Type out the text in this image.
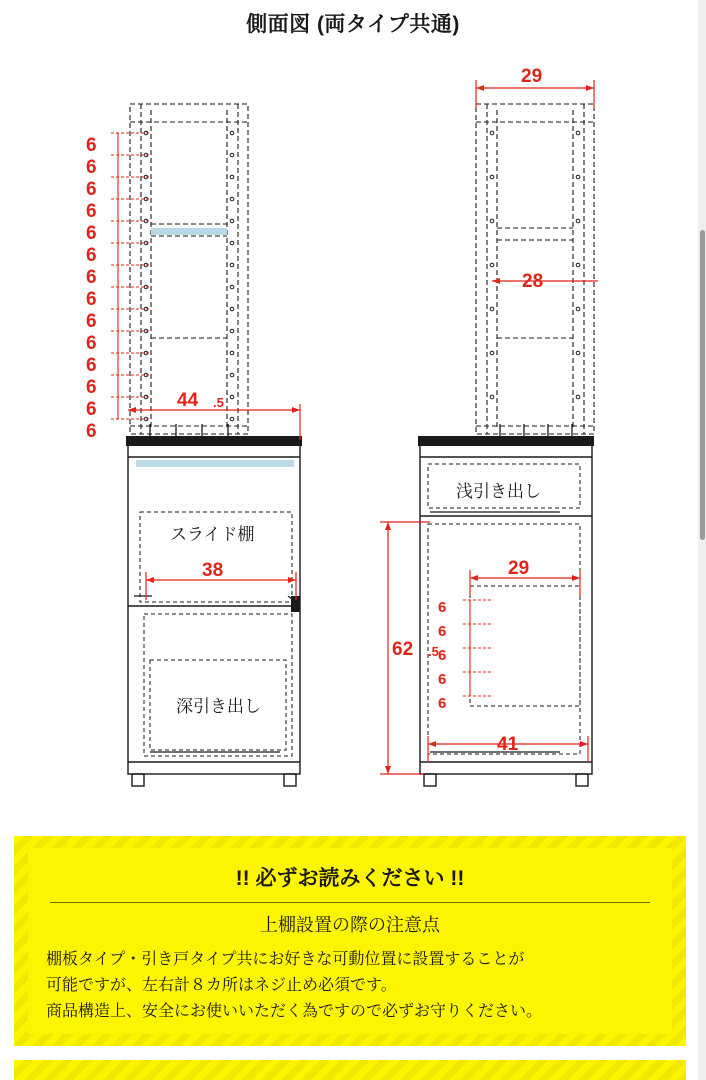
側面図 (両タイプ共通)
6
6
6
6
6
6
6
6
6
6
6
6
6
6
44 .5
スライド棚
38
深引き出し
29
28
浅引き出し
29
6
6
6
6
6
41
62 .5
!! 必ずお読みください !!
上棚設置の際の注意点
棚板タイプ・引き戸タイプ共にお好きな可動位置に設置することが
可能ですが、左右計８カ所はネジ止め必須です。
商品構造上、安全にお使いいただく為ですので必ずお守りください。
